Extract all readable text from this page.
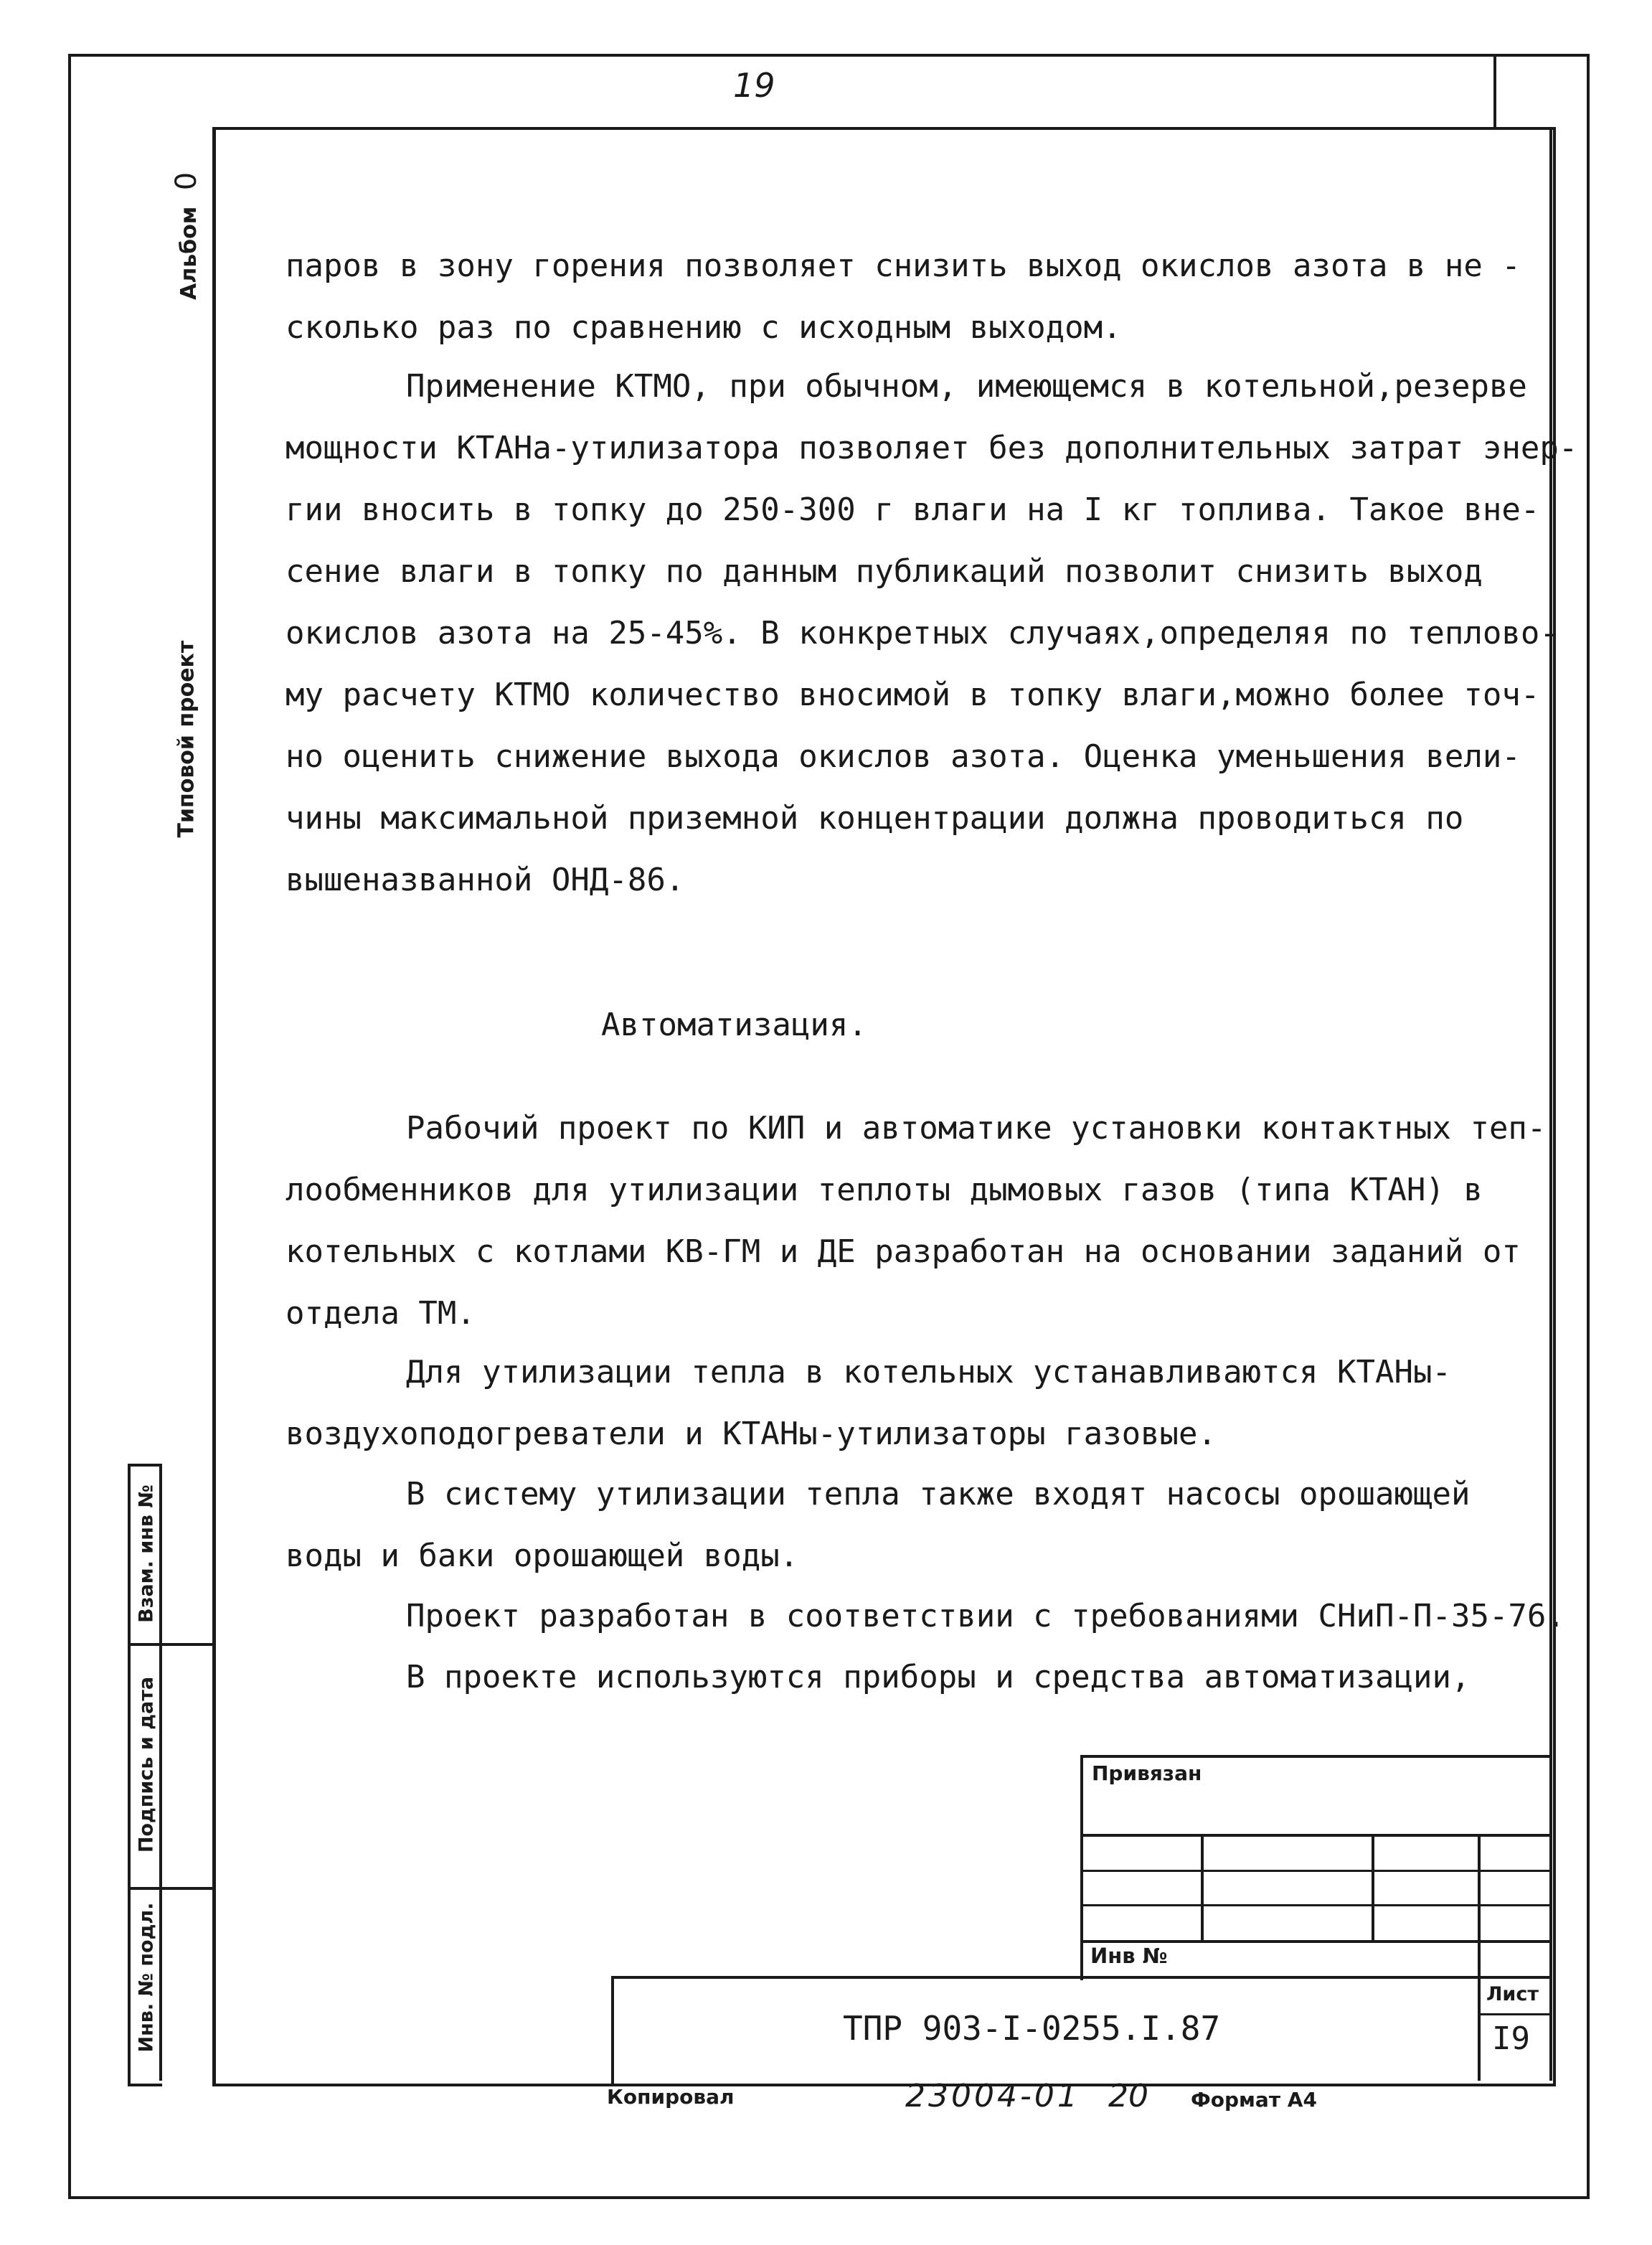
19
Альбом 0
Типовой проект
Инв. № подл.
Подпись и дата
Взам. инв №
паров в зону горения позволяет снизить выход окислов азота в не -
сколько раз по сравнению с исходным выходом.
Применение КТМО, при обычном, имеющемся в котельной,резерве
мощности КТАНа-утилизатора позволяет без дополнительных затрат энер-
гии вносить в топку до 250-300 г влаги на I кг топлива. Такое вне-
сение влаги в топку по данным публикаций позволит снизить выход
окислов азота на 25-45%. В конкретных случаях,определяя по теплово-
му расчету КТМО количество вносимой в топку влаги,можно более точ-
но оценить снижение выхода окислов азота. Оценка уменьшения вели-
чины максимальной приземной концентрации должна проводиться по
вышеназванной ОНД-86.
Автоматизация.
Рабочий проект по КИП и автоматике установки контактных теп-
лообменников для утилизации теплоты дымовых газов (типа КТАН) в
котельных с котлами КВ-ГМ и ДЕ разработан на основании заданий от
отдела ТМ.
Для утилизации тепла в котельных устанавливаются КТАНы-
воздухоподогреватели и КТАНы-утилизаторы газовые.
В систему утилизации тепла также входят насосы орошающей
воды и баки орошающей воды.
Проект разработан в соответствии с требованиями СНиП-П-35-76.
В проекте используются приборы и средства автоматизации,
Привязан
Инв №
ТПР 903-I-0255.I.87
Лист
I9
Копировал	23004-01 20 Формат А4
